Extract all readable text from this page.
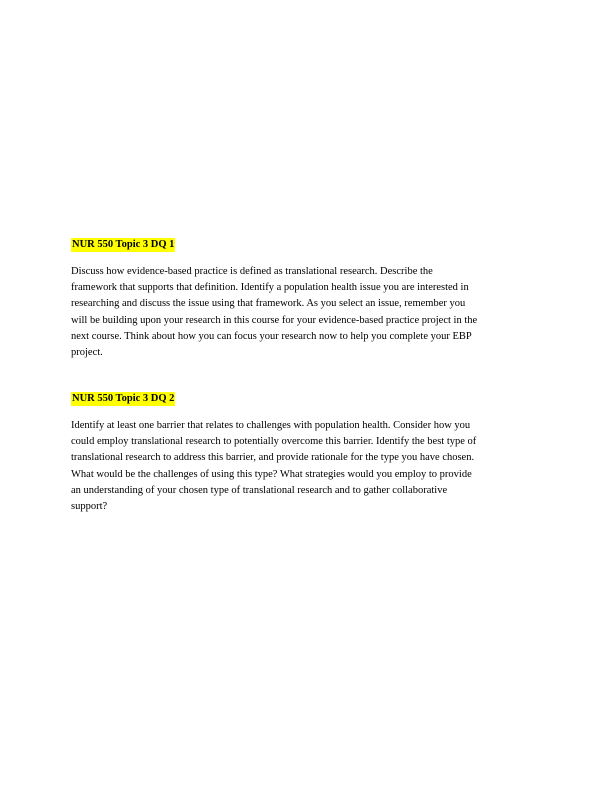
NUR 550 Topic 3 DQ 1
Discuss how evidence-based practice is defined as translational research. Describe the
framework that supports that definition. Identify a population health issue you are interested in
researching and discuss the issue using that framework. As you select an issue, remember you
will be building upon your research in this course for your evidence-based practice project in the
next course. Think about how you can focus your research now to help you complete your EBP
project.
NUR 550 Topic 3 DQ 2
Identify at least one barrier that relates to challenges with population health. Consider how you
could employ translational research to potentially overcome this barrier. Identify the best type of
translational research to address this barrier, and provide rationale for the type you have chosen.
What would be the challenges of using this type? What strategies would you employ to provide
an understanding of your chosen type of translational research and to gather collaborative
support?
